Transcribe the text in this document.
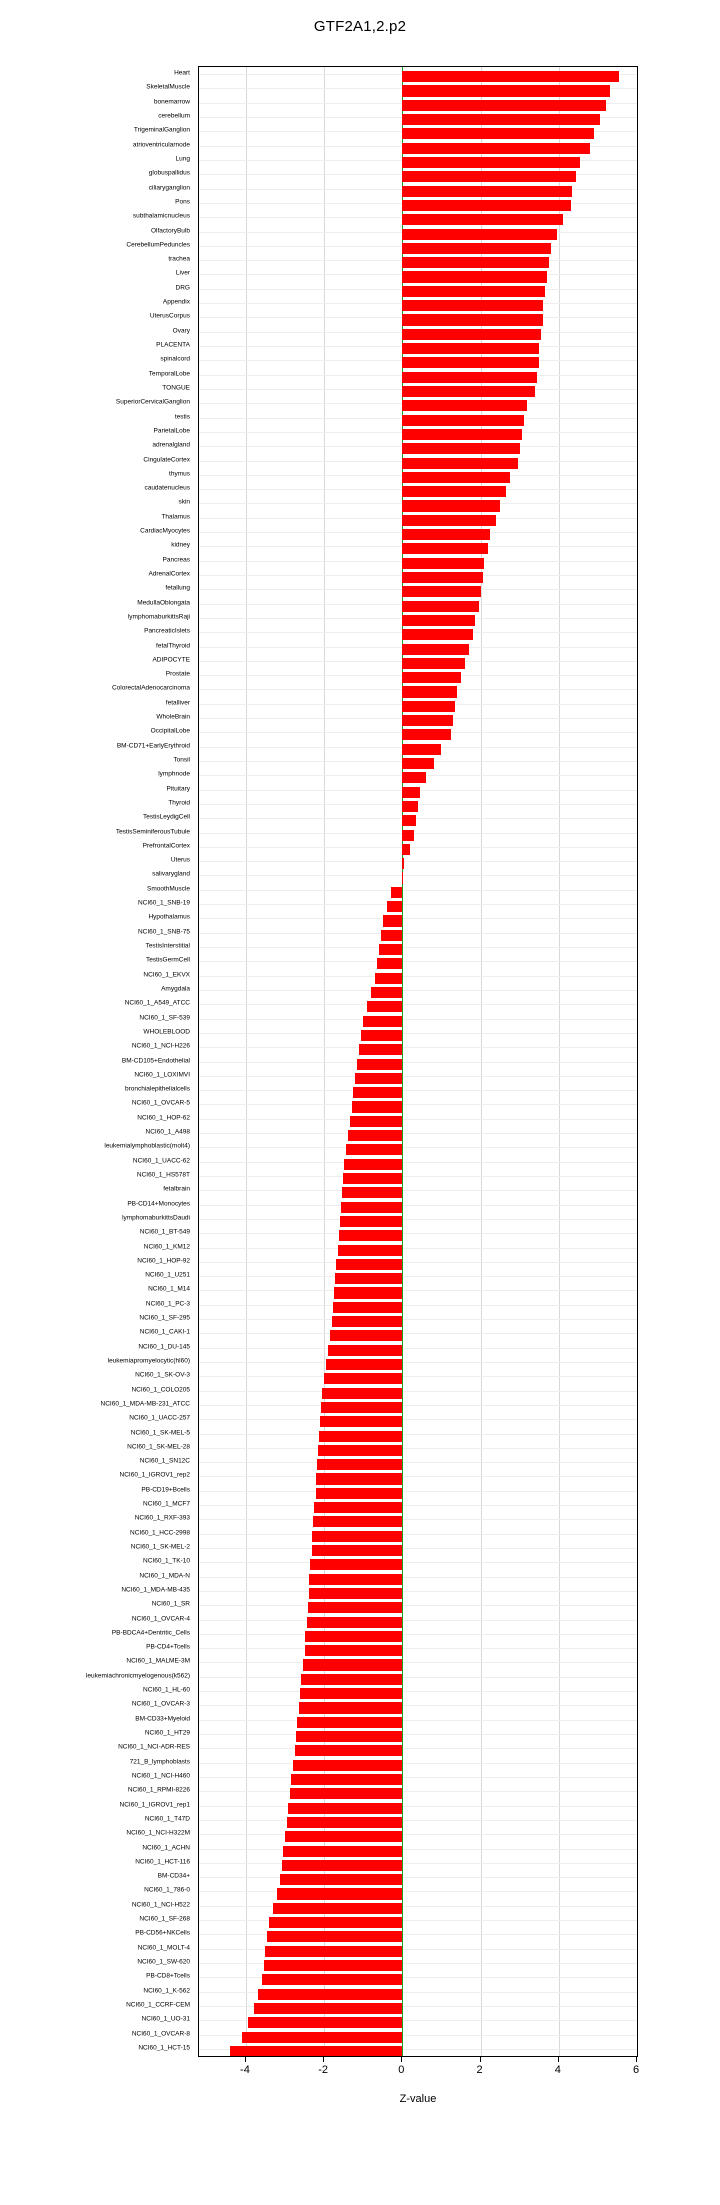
GTF2A1,2.p2
Heart
SkeletalMuscle
bonemarrow
cerebellum
TrigeminalGanglion
atrioventricularnode
Lung
globuspallidus
ciliaryganglion
Pons
subthalamicnucleus
OlfactoryBulb
CerebellumPeduncles
trachea
Liver
DRG
Appendix
UterusCorpus
Ovary
PLACENTA
spinalcord
TemporalLobe
TONGUE
SuperiorCervicalGanglion
testis
ParietalLobe
adrenalgland
CingulateCortex
thymus
caudatenucleus
skin
Thalamus
CardiacMyocytes
kidney
Pancreas
AdrenalCortex
fetallung
MedullaOblongata
lymphomaburkittsRaji
PancreaticIslets
fetalThyroid
ADIPOCYTE
Prostate
ColorectalAdenocarcinoma
fetalliver
WholeBrain
OccipitalLobe
BM-CD71+EarlyErythroid
Tonsil
lymphnode
Pituitary
Thyroid
TestisLeydigCell
TestisSeminiferousTubule
PrefrontalCortex
Uterus
salivarygland
SmoothMuscle
NCI60_1_SNB-19
Hypothalamus
NCI60_1_SNB-75
TestisInterstitial
TestisGermCell
NCI60_1_EKVX
Amygdala
NCI60_1_A549_ATCC
NCI60_1_SF-539
WHOLEBLOOD
NCI60_1_NCI-H226
BM-CD105+Endothelial
NCI60_1_LOXIMVI
bronchialepithelialcells
NCI60_1_OVCAR-5
NCI60_1_HOP-62
NCI60_1_A498
leukemialymphoblastic(molt4)
NCI60_1_UACC-62
NCI60_1_HS578T
fetalbrain
PB-CD14+Monocytes
lymphomaburkittsDaudi
NCI60_1_BT-549
NCI60_1_KM12
NCI60_1_HOP-92
NCI60_1_U251
NCI60_1_M14
NCI60_1_PC-3
NCI60_1_SF-295
NCI60_1_CAKI-1
NCI60_1_DU-145
leukemiapromyelocytic(hl60)
NCI60_1_SK-OV-3
NCI60_1_COLO205
NCI60_1_MDA-MB-231_ATCC
NCI60_1_UACC-257
NCI60_1_SK-MEL-5
NCI60_1_SK-MEL-28
NCI60_1_SN12C
NCI60_1_IGROV1_rep2
PB-CD19+Bcells
NCI60_1_MCF7
NCI60_1_RXF-393
NCI60_1_HCC-2998
NCI60_1_SK-MEL-2
NCI60_1_TK-10
NCI60_1_MDA-N
NCI60_1_MDA-MB-435
NCI60_1_SR
NCI60_1_OVCAR-4
PB-BDCA4+Dentritic_Cells
PB-CD4+Tcells
NCI60_1_MALME-3M
leukemiachronicmyelogenous(k562)
NCI60_1_HL-60
NCI60_1_OVCAR-3
BM-CD33+Myeloid
NCI60_1_HT29
NCI60_1_NCI-ADR-RES
721_B_lymphoblasts
NCI60_1_NCI-H460
NCI60_1_RPMI-8226
NCI60_1_IGROV1_rep1
NCI60_1_T47D
NCI60_1_NCI-H322M
NCI60_1_ACHN
NCI60_1_HCT-116
BM-CD34+
NCI60_1_786-0
NCI60_1_NCI-H522
NCI60_1_SF-268
PB-CD56+NKCells
NCI60_1_MOLT-4
NCI60_1_SW-620
PB-CD8+Tcells
NCI60_1_K-562
NCI60_1_CCRF-CEM
NCI60_1_UO-31
NCI60_1_OVCAR-8
NCI60_1_HCT-15
-4	-2	0	2	4	6
Z-value
